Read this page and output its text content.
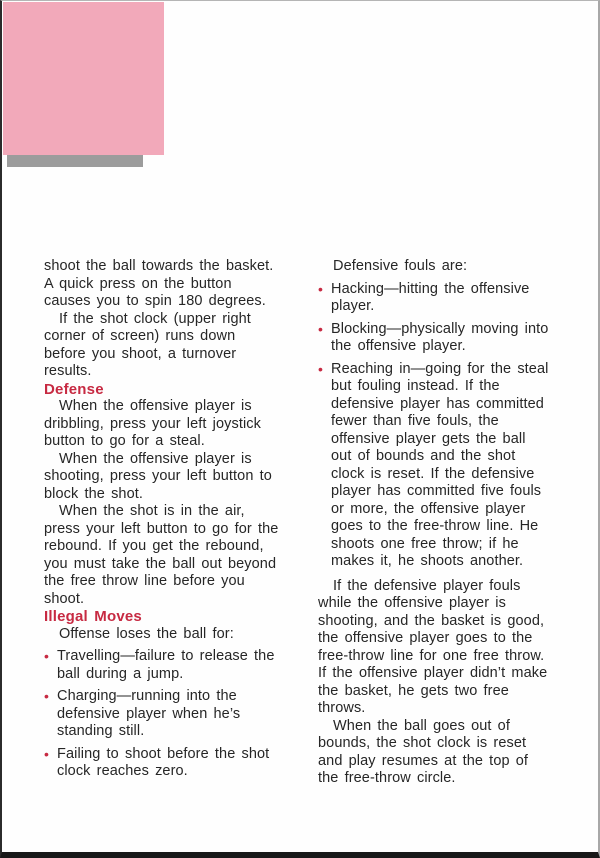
shoot the ball towards the basket. A quick press on the button causes you to spin 180 degrees.

If the shot clock (upper right corner of screen) runs down before you shoot, a turnover results.

Defense

When the offensive player is dribbling, press your left joystick button to go for a steal.

When the offensive player is shooting, press your left button to block the shot.

When the shot is in the air, press your left button to go for the rebound. If you get the rebound, you must take the ball out beyond the free throw line before you shoot.

Illegal Moves

Offense loses the ball for:

•
Travelling—failure to release the ball during a jump.
•
Charging—running into the defensive player when he’s standing still.
•
Failing to shoot before the shot clock reaches zero.

Defensive fouls are:

•
Hacking—hitting the offensive player.
•
Blocking—physically moving into the offensive player.
•
Reaching in—going for the steal but fouling instead. If the defensive player has committed fewer than five fouls, the offensive player gets the ball out of bounds and the shot clock is reset. If the defensive player has committed five fouls or more, the offensive player goes to the free-throw line. He shoots one free throw; if he makes it, he shoots another.

If the defensive player fouls while the offensive player is shooting, and the basket is good, the offensive player goes to the free-throw line for one free throw. If the offensive player didn’t make the basket, he gets two free throws.

When the ball goes out of bounds, the shot clock is reset and play resumes at the top of the free-throw circle.
